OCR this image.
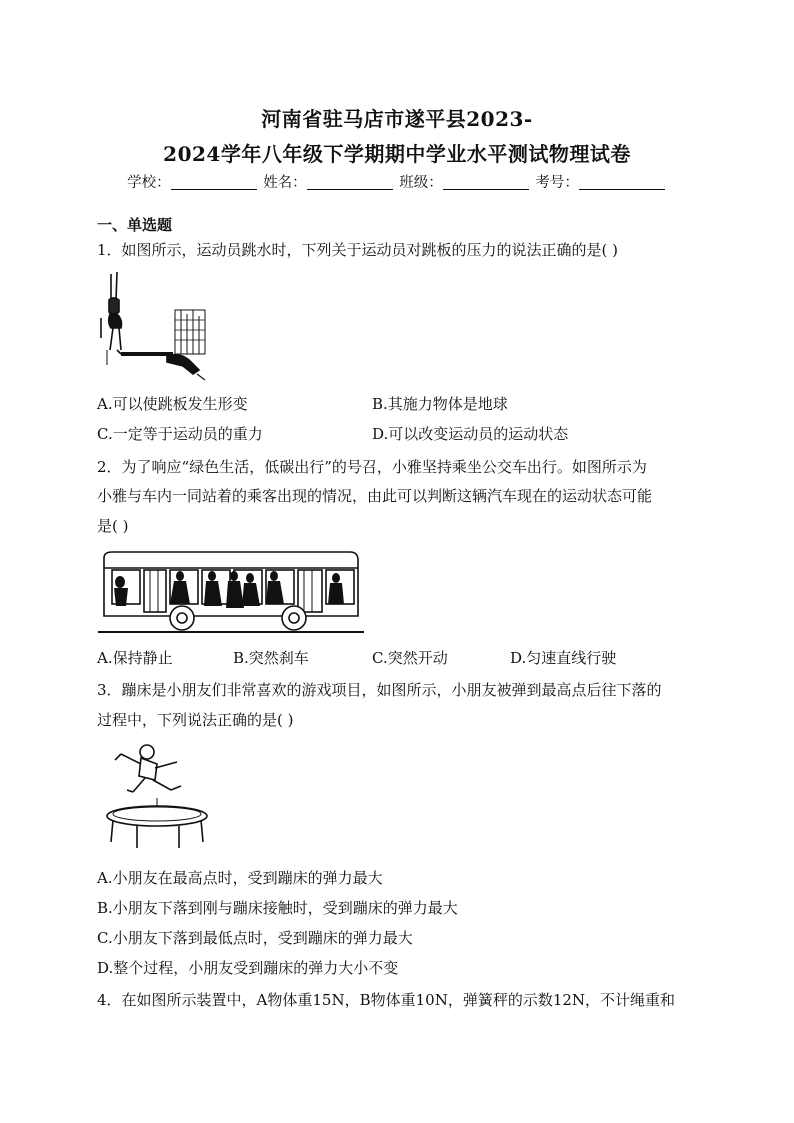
河南省驻马店市遂平县2023-
2024学年八年级下学期期中学业水平测试物理试卷
学校：	姓名：	班级：	考号：
一、单选题
1．如图所示，运动员跳水时，下列关于运动员对跳板的压力的说法正确的是( )
A.可以使跳板发生形变	B.其施力物体是地球
C.一定等于运动员的重力	D.可以改变运动员的运动状态
2．为了响应“绿色生活，低碳出行”的号召，小雅坚持乘坐公交车出行。如图所示为
小雅与车内一同站着的乘客出现的情况，由此可以判断这辆汽车现在的运动状态可能
是( )
A.保持静止	B.突然刹车	C.突然开动	D.匀速直线行驶
3．蹦床是小朋友们非常喜欢的游戏项目，如图所示，小朋友被弹到最高点后往下落的
过程中，下列说法正确的是( )
A.小朋友在最高点时，受到蹦床的弹力最大
B.小朋友下落到刚与蹦床接触时，受到蹦床的弹力最大
C.小朋友下落到最低点时，受到蹦床的弹力最大
D.整个过程，小朋友受到蹦床的弹力大小不变
4．在如图所示装置中，A物体重15N，B物体重10N，弹簧秤的示数12N，不计绳重和
